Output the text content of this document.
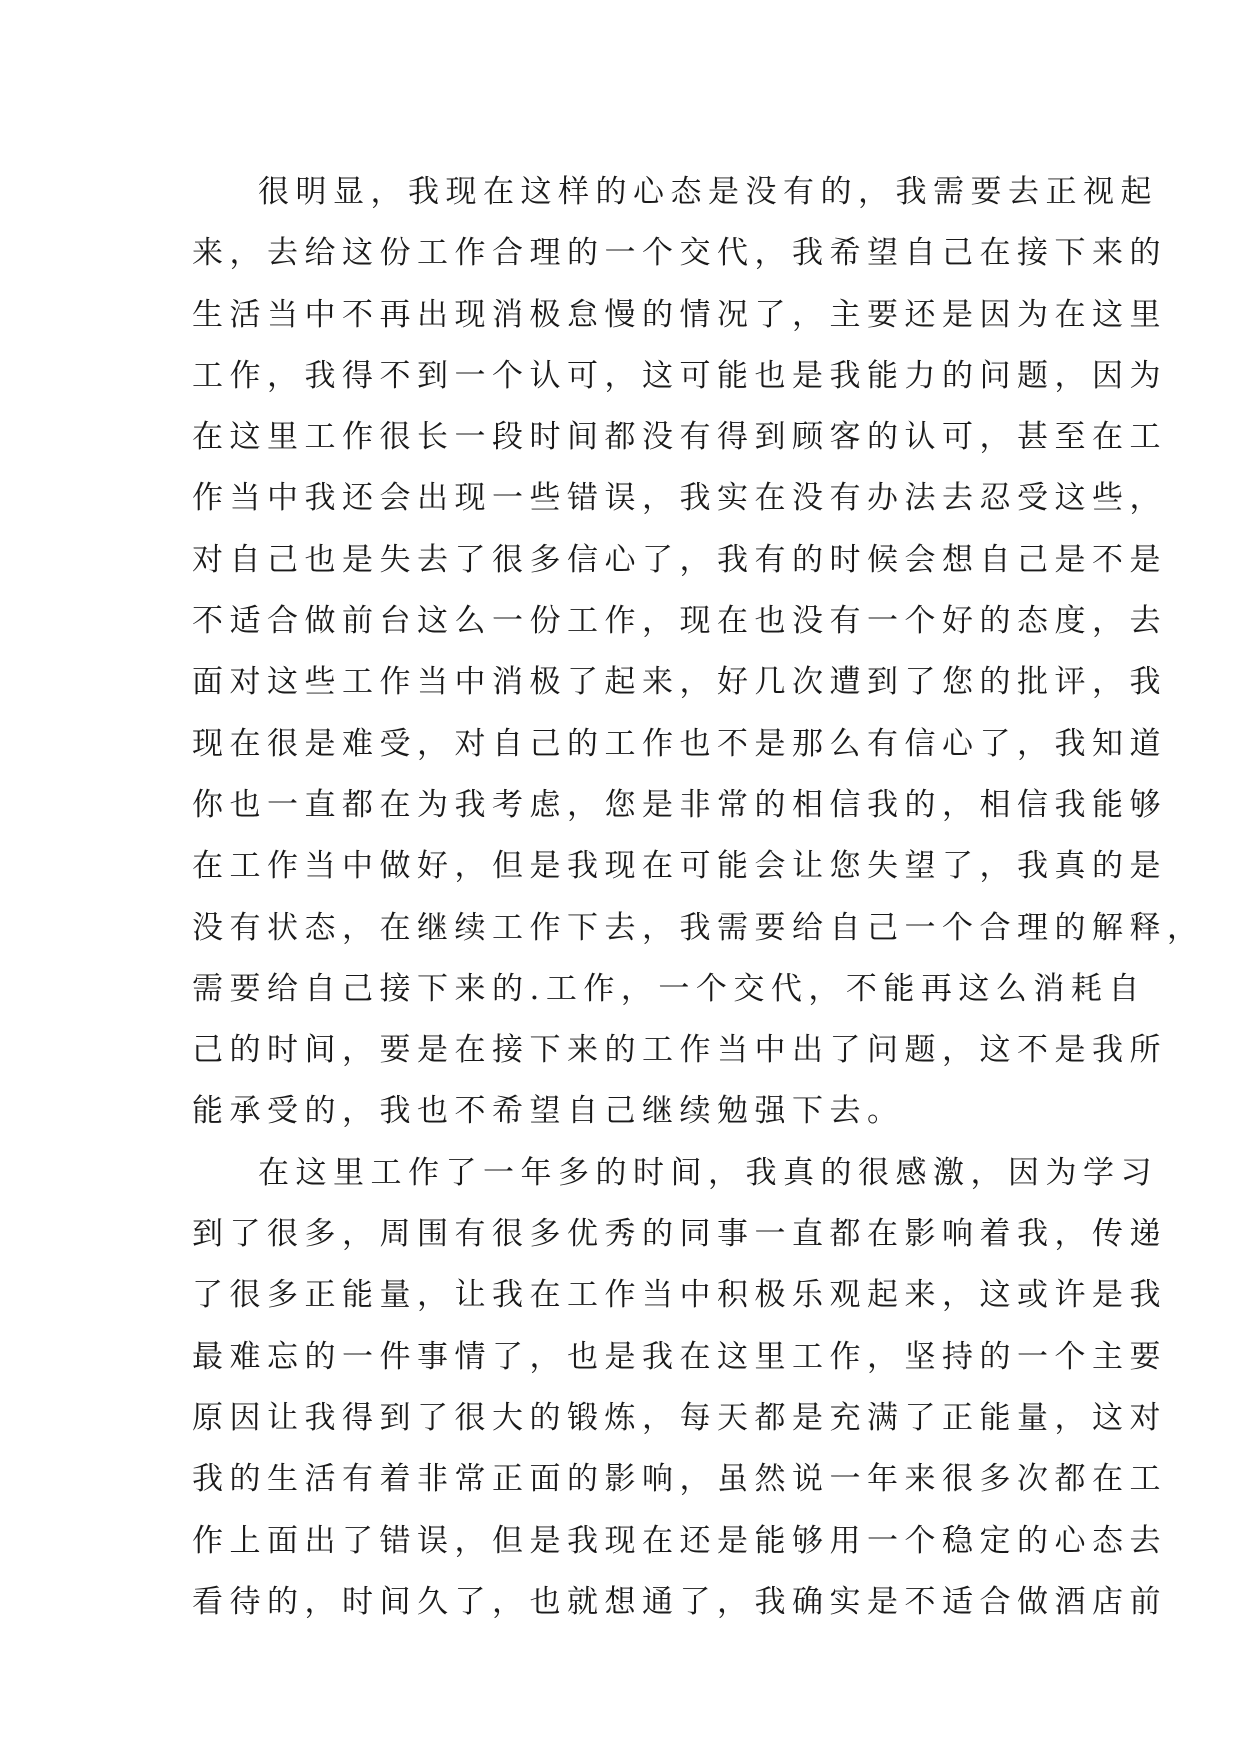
很明显，我现在这样的心态是没有的，我需要去正视起
来，去给这份工作合理的一个交代，我希望自己在接下来的
生活当中不再出现消极怠慢的情况了，主要还是因为在这里
工作，我得不到一个认可，这可能也是我能力的问题，因为
在这里工作很长一段时间都没有得到顾客的认可，甚至在工
作当中我还会出现一些错误，我实在没有办法去忍受这些，
对自己也是失去了很多信心了，我有的时候会想自己是不是
不适合做前台这么一份工作，现在也没有一个好的态度，去
面对这些工作当中消极了起来，好几次遭到了您的批评，我
现在很是难受，对自己的工作也不是那么有信心了，我知道
你也一直都在为我考虑，您是非常的相信我的，相信我能够
在工作当中做好，但是我现在可能会让您失望了，我真的是
没有状态，在继续工作下去，我需要给自己一个合理的解释，
需要给自己接下来的.工作，一个交代，不能再这么消耗自
己的时间，要是在接下来的工作当中出了问题，这不是我所
能承受的，我也不希望自己继续勉强下去。
在这里工作了一年多的时间，我真的很感激，因为学习
到了很多，周围有很多优秀的同事一直都在影响着我，传递
了很多正能量，让我在工作当中积极乐观起来，这或许是我
最难忘的一件事情了，也是我在这里工作，坚持的一个主要
原因让我得到了很大的锻炼，每天都是充满了正能量，这对
我的生活有着非常正面的影响，虽然说一年来很多次都在工
作上面出了错误，但是我现在还是能够用一个稳定的心态去
看待的，时间久了，也就想通了，我确实是不适合做酒店前
